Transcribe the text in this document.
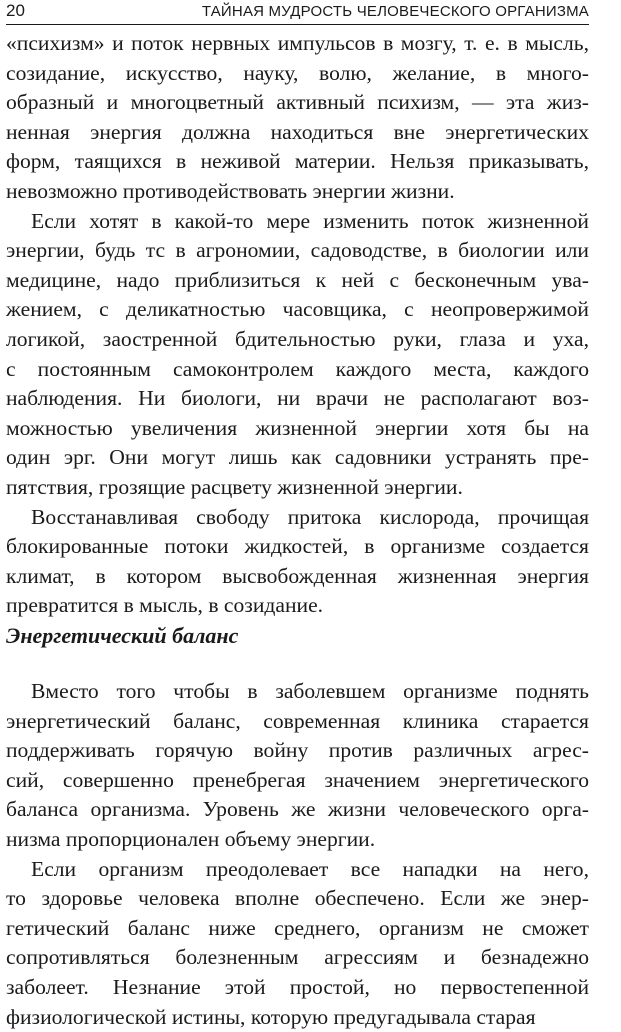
20	ТАЙНАЯ МУДРОСТЬ ЧЕЛОВЕЧЕСКОГО ОРГАНИЗМА
«психизм» и поток нервных импульсов в мозгу, т. е. в мысль,
созидание, искусство, науку, волю, желание, в много-
образный и многоцветный активный психизм, — эта жиз-
ненная энергия должна находиться вне энергетических
форм, таящихся в неживой материи. Нельзя приказывать,
невозможно противодействовать энергии жизни.
Если хотят в какой-то мере изменить поток жизненной
энергии, будь тс в агрономии, садоводстве, в биологии или
медицине, надо приблизиться к ней с бесконечным ува-
жением, с деликатностью часовщика, с неопровержимой
логикой, заостренной бдительностью руки, глаза и уха,
с постоянным самоконтролем каждого места, каждого
наблюдения. Ни биологи, ни врачи не располагают воз-
можностью увеличения жизненной энергии хотя бы на
один эрг. Они могут лишь как садовники устранять пре-
пятствия, грозящие расцвету жизненной энергии.
Восстанавливая свободу притока кислорода, прочищая
блокированные потоки жидкостей, в организме создается
климат, в котором высвобожденная жизненная энергия
превратится в мысль, в созидание.
Энергетический баланс
Вместо того чтобы в заболевшем организме поднять
энергетический баланс, современная клиника старается
поддерживать горячую войну против различных агрес-
сий, совершенно пренебрегая значением энергетического
баланса организма. Уровень же жизни человеческого орга-
низма пропорционален объему энергии.
Если организм преодолевает все нападки на него,
то здоровье человека вполне обеспечено. Если же энер-
гетический баланс ниже среднего, организм не сможет
сопротивляться болезненным агрессиям и безнадежно
заболеет. Незнание этой простой, но первостепенной
физиологической истины, которую предугадывала старая
